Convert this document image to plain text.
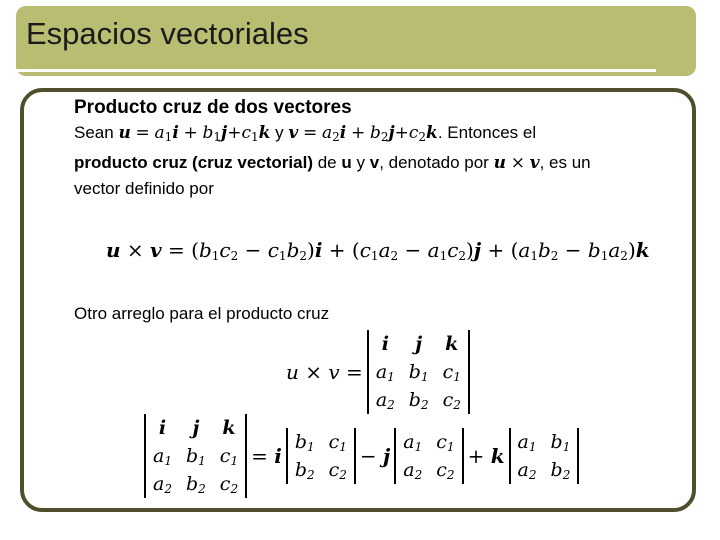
Espacios vectoriales

Producto cruz de dos vectores

Sean $u = a_1i + b_1j+c_1k$ y $v = a_2i + b_2j+c_2k$. Entonces el
producto cruz (cruz vectorial) de u y v, denotado por u × v, es un
vector definido por

$u \times v = (b_1c_2 - c_1b_2)i + (c_1a_2 - a_1c_2)j + (a_1b_2 - b_1a_2)k$
Otro arreglo para el producto cruz
u × v =
i	j	k
$a_1$	$b_1$	$c_1$
$a_2$	$b_2$	$c_2$
i	j	k
$a_1$	$b_1$	$c_1$
$a_2$	$b_2$	$c_2$
= i
$b_1$	$c_1$
$b_2$	$c_2$
− j
$a_1$	$c_1$
$a_2$	$c_2$
+ k
$a_1$	$b_1$
$a_2$	$b_2$
